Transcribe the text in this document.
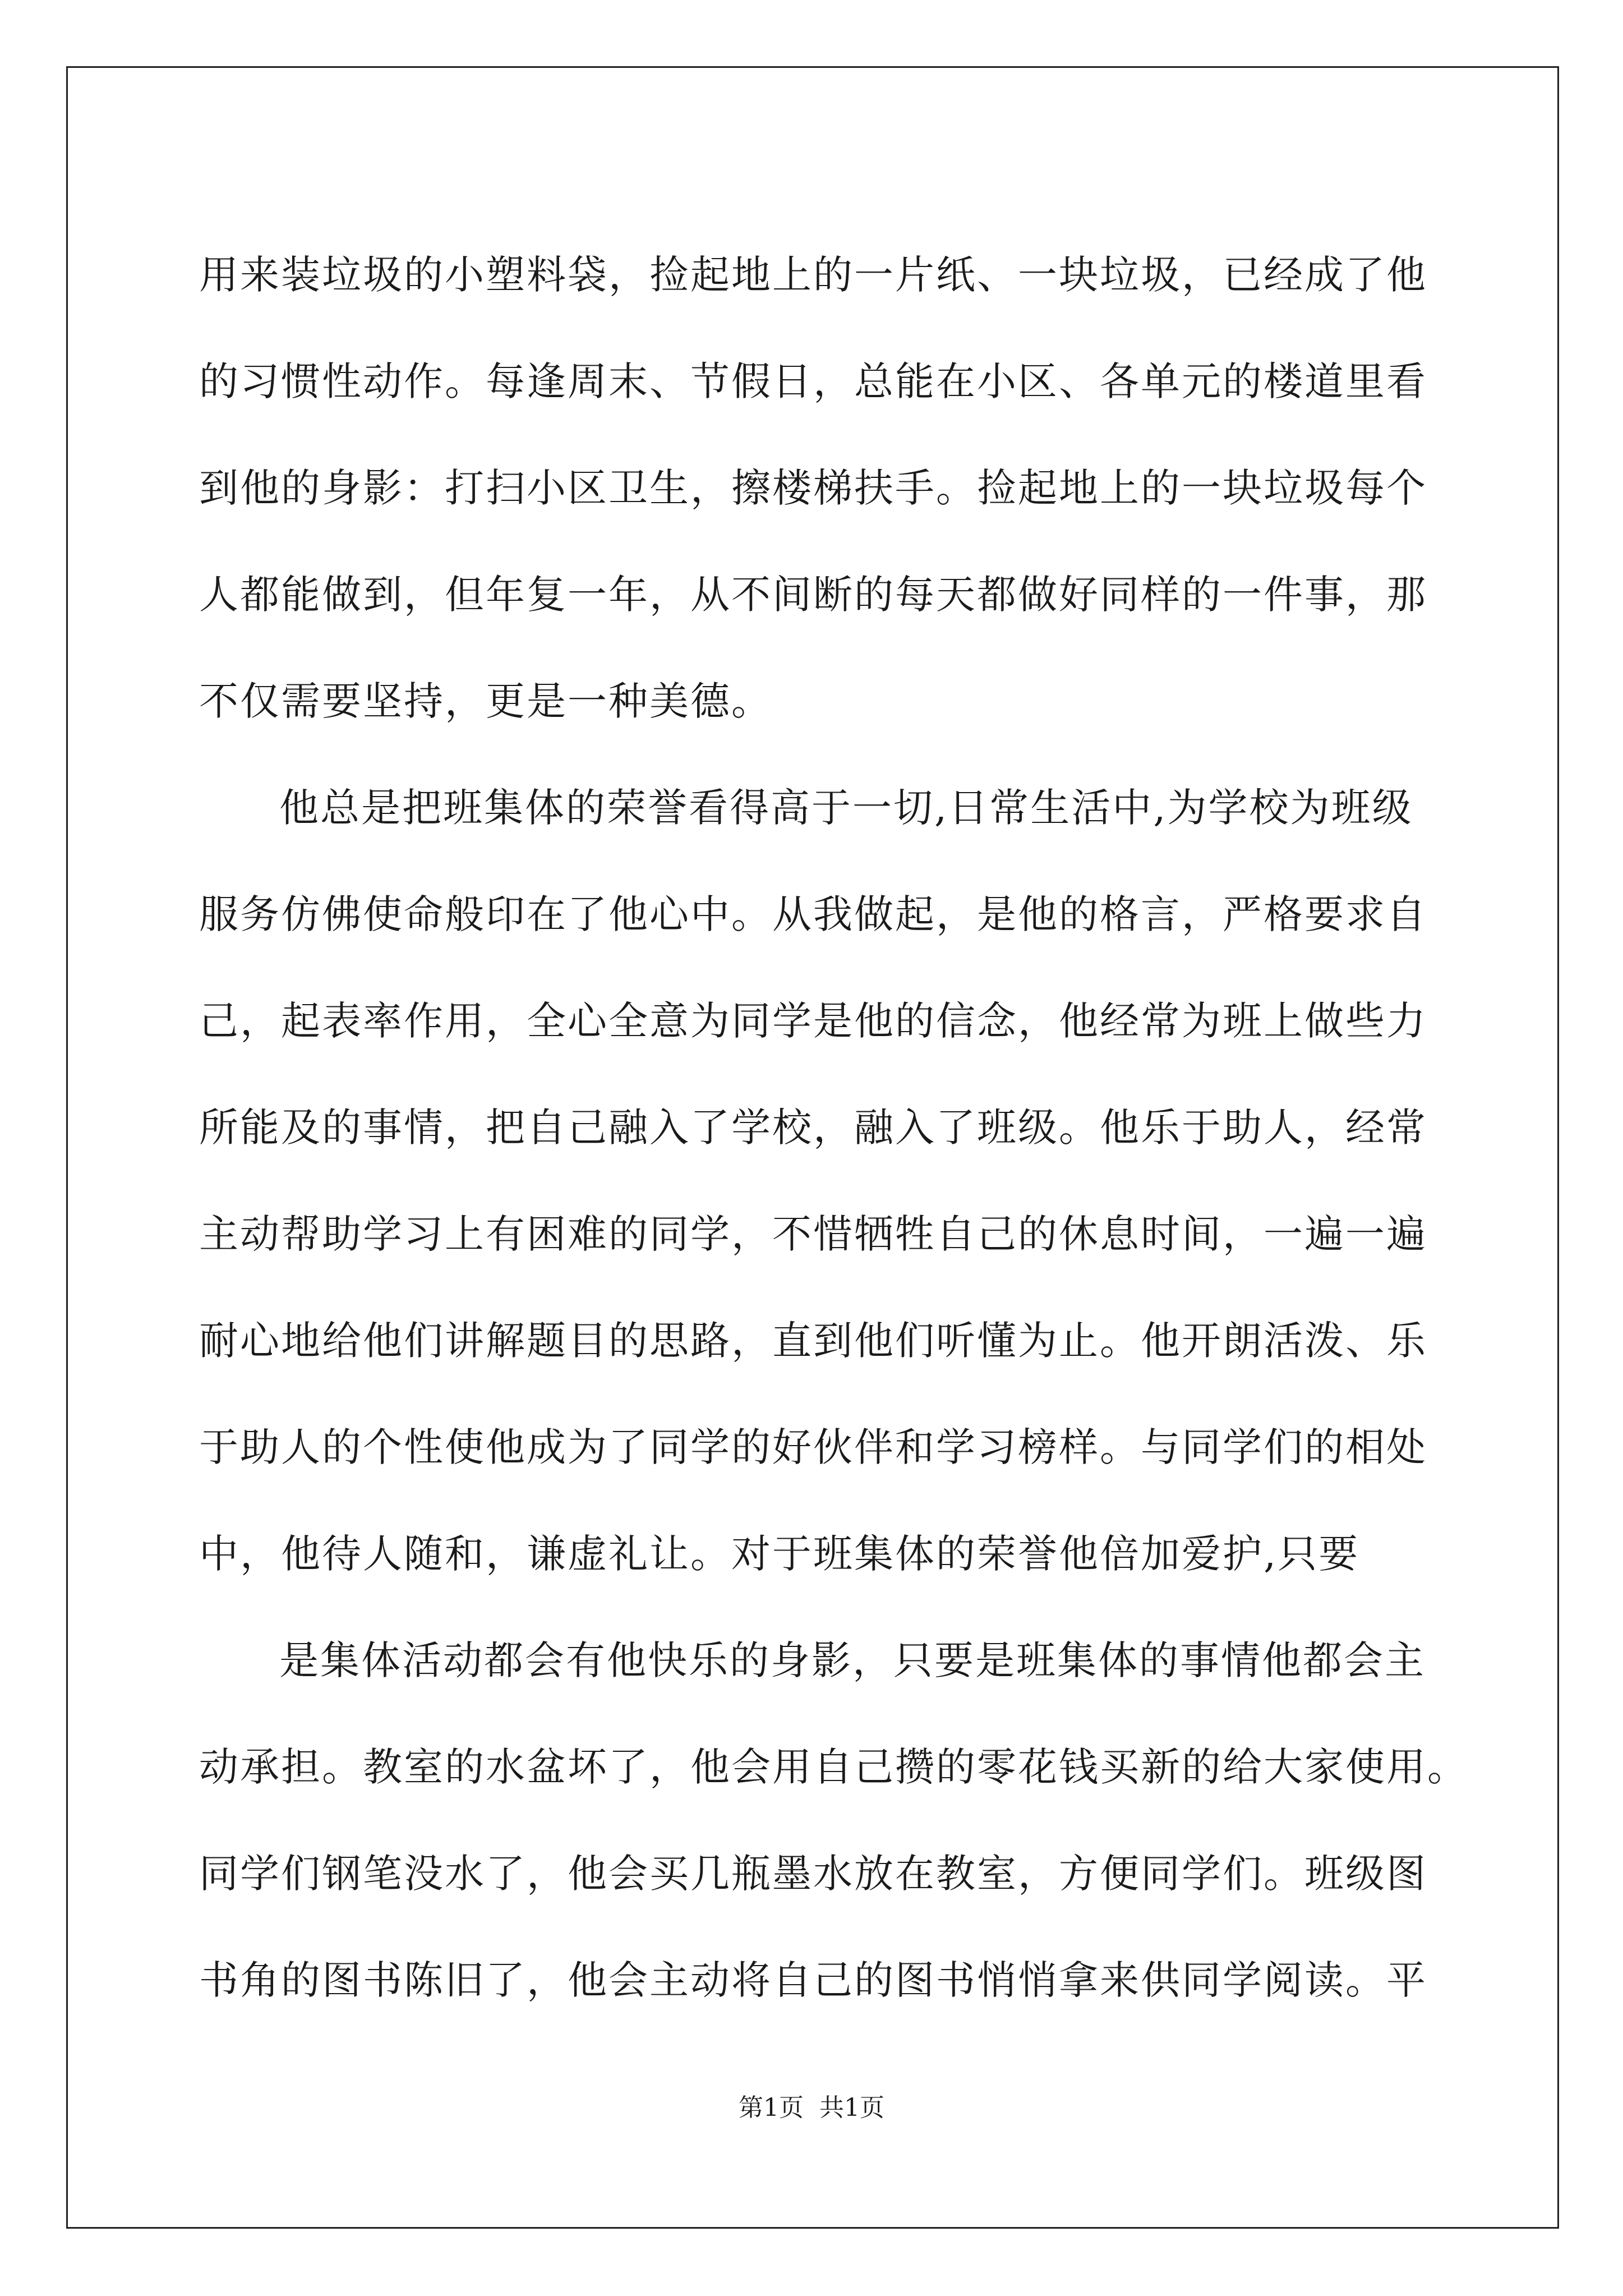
用来装垃圾的小塑料袋，捡起地上的一片纸、一块垃圾，已经成了他
的习惯性动作。每逢周末、节假日，总能在小区、各单元的楼道里看
到他的身影：打扫小区卫生，擦楼梯扶手。捡起地上的一块垃圾每个
人都能做到，但年复一年，从不间断的每天都做好同样的一件事，那
不仅需要坚持，更是一种美德。
他总是把班集体的荣誉看得高于一切,日常生活中,为学校为班级
服务仿佛使命般印在了他心中。从我做起，是他的格言，严格要求自
己，起表率作用，全心全意为同学是他的信念，他经常为班上做些力
所能及的事情，把自己融入了学校，融入了班级。他乐于助人，经常
主动帮助学习上有困难的同学，不惜牺牲自己的休息时间，一遍一遍
耐心地给他们讲解题目的思路，直到他们听懂为止。他开朗活泼、乐
于助人的个性使他成为了同学的好伙伴和学习榜样。与同学们的相处
中，他待人随和，谦虚礼让。对于班集体的荣誉他倍加爱护,只要
是集体活动都会有他快乐的身影，只要是班集体的事情他都会主
动承担。教室的水盆坏了，他会用自己攒的零花钱买新的给大家使用。
同学们钢笔没水了，他会买几瓶墨水放在教室，方便同学们。班级图
书角的图书陈旧了，他会主动将自己的图书悄悄拿来供同学阅读。平
第1页 共1页
